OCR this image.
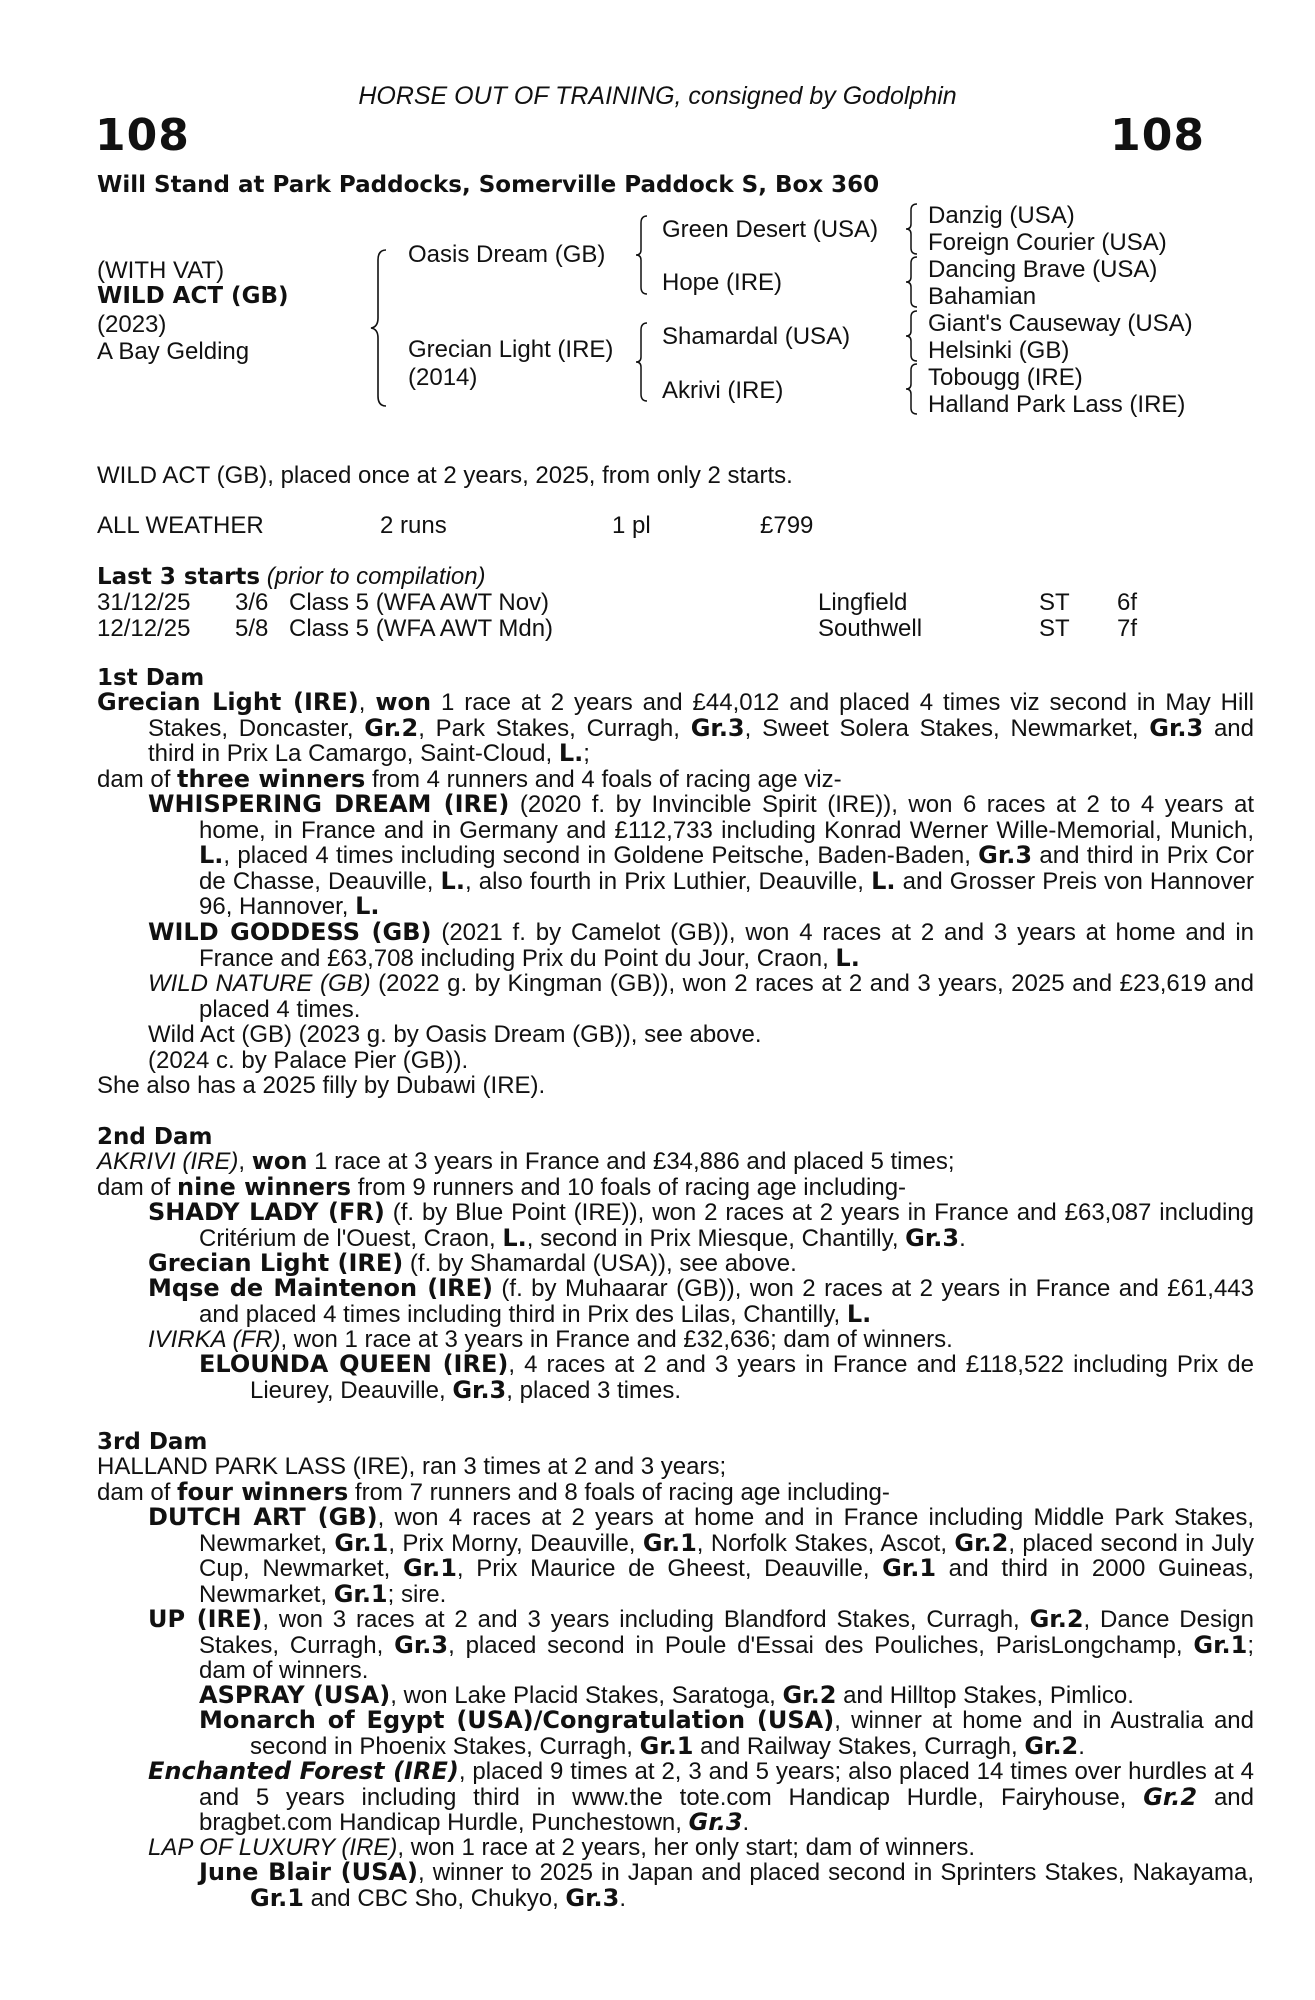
HORSE OUT OF TRAINING, consigned by Godolphin
108	108
Will Stand at Park Paddocks, Somerville Paddock S, Box 360
(WITH VAT)
WILD ACT (GB)
(2023)
A Bay Gelding
Oasis Dream (GB)
Grecian Light (IRE)
(2014)
Green Desert (USA)
Hope (IRE)
Shamardal (USA)
Akrivi (IRE)
Danzig (USA)
Foreign Courier (USA)
Dancing Brave (USA)
Bahamian
Giant's Causeway (USA)
Helsinki (GB)
Tobougg (IRE)
Halland Park Lass (IRE)
WILD ACT (GB), placed once at 2 years, 2025, from only 2 starts.
ALL WEATHER	2 runs	1 pl	£799
Last 3 starts (prior to compilation)
31/12/25 3/6 Class 5 (WFA AWT Nov)	Lingfield	ST 6f
12/12/25 5/8 Class 5 (WFA AWT Mdn)	Southwell	ST 7f
1st Dam
Grecian Light (IRE), won 1 race at 2 years and £44,012 and placed 4 times viz second in May Hill Stakes, Doncaster, Gr.2, Park Stakes, Curragh, Gr.3, Sweet Solera Stakes, Newmarket, Gr.3 and third in Prix La Camargo, Saint-Cloud, L.;
dam of three winners from 4 runners and 4 foals of racing age viz-
WHISPERING DREAM (IRE) (2020 f. by Invincible Spirit (IRE)), won 6 races at 2 to 4 years at home, in France and in Germany and £112,733 including Konrad Werner Wille-Memorial, Munich, L., placed 4 times including second in Goldene Peitsche, Baden-Baden, Gr.3 and third in Prix Cor de Chasse, Deauville, L., also fourth in Prix Luthier, Deauville, L. and Grosser Preis von Hannover 96, Hannover, L.
WILD GODDESS (GB) (2021 f. by Camelot (GB)), won 4 races at 2 and 3 years at home and in France and £63,708 including Prix du Point du Jour, Craon, L.
WILD NATURE (GB) (2022 g. by Kingman (GB)), won 2 races at 2 and 3 years, 2025 and £23,619 and placed 4 times.
Wild Act (GB) (2023 g. by Oasis Dream (GB)), see above.
(2024 c. by Palace Pier (GB)).
She also has a 2025 filly by Dubawi (IRE).
2nd Dam
AKRIVI (IRE), won 1 race at 3 years in France and £34,886 and placed 5 times;
dam of nine winners from 9 runners and 10 foals of racing age including-
SHADY LADY (FR) (f. by Blue Point (IRE)), won 2 races at 2 years in France and £63,087 including Critérium de l'Ouest, Craon, L., second in Prix Miesque, Chantilly, Gr.3.
Grecian Light (IRE) (f. by Shamardal (USA)), see above.
Mqse de Maintenon (IRE) (f. by Muhaarar (GB)), won 2 races at 2 years in France and £61,443 and placed 4 times including third in Prix des Lilas, Chantilly, L.
IVIRKA (FR), won 1 race at 3 years in France and £32,636; dam of winners.
ELOUNDA QUEEN (IRE), 4 races at 2 and 3 years in France and £118,522 including Prix de Lieurey, Deauville, Gr.3, placed 3 times.
3rd Dam
HALLAND PARK LASS (IRE), ran 3 times at 2 and 3 years;
dam of four winners from 7 runners and 8 foals of racing age including-
DUTCH ART (GB), won 4 races at 2 years at home and in France including Middle Park Stakes, Newmarket, Gr.1, Prix Morny, Deauville, Gr.1, Norfolk Stakes, Ascot, Gr.2, placed second in July Cup, Newmarket, Gr.1, Prix Maurice de Gheest, Deauville, Gr.1 and third in 2000 Guineas, Newmarket, Gr.1; sire.
UP (IRE), won 3 races at 2 and 3 years including Blandford Stakes, Curragh, Gr.2, Dance Design Stakes, Curragh, Gr.3, placed second in Poule d'Essai des Pouliches, ParisLongchamp, Gr.1; dam of winners.
ASPRAY (USA), won Lake Placid Stakes, Saratoga, Gr.2 and Hilltop Stakes, Pimlico.
Monarch of Egypt (USA)/Congratulation (USA), winner at home and in Australia and second in Phoenix Stakes, Curragh, Gr.1 and Railway Stakes, Curragh, Gr.2.
Enchanted Forest (IRE), placed 9 times at 2, 3 and 5 years; also placed 14 times over hurdles at 4 and 5 years including third in www.the tote.com Handicap Hurdle, Fairyhouse, Gr.2 and bragbet.com Handicap Hurdle, Punchestown, Gr.3.
LAP OF LUXURY (IRE), won 1 race at 2 years, her only start; dam of winners.
June Blair (USA), winner to 2025 in Japan and placed second in Sprinters Stakes, Nakayama, Gr.1 and CBC Sho, Chukyo, Gr.3.
